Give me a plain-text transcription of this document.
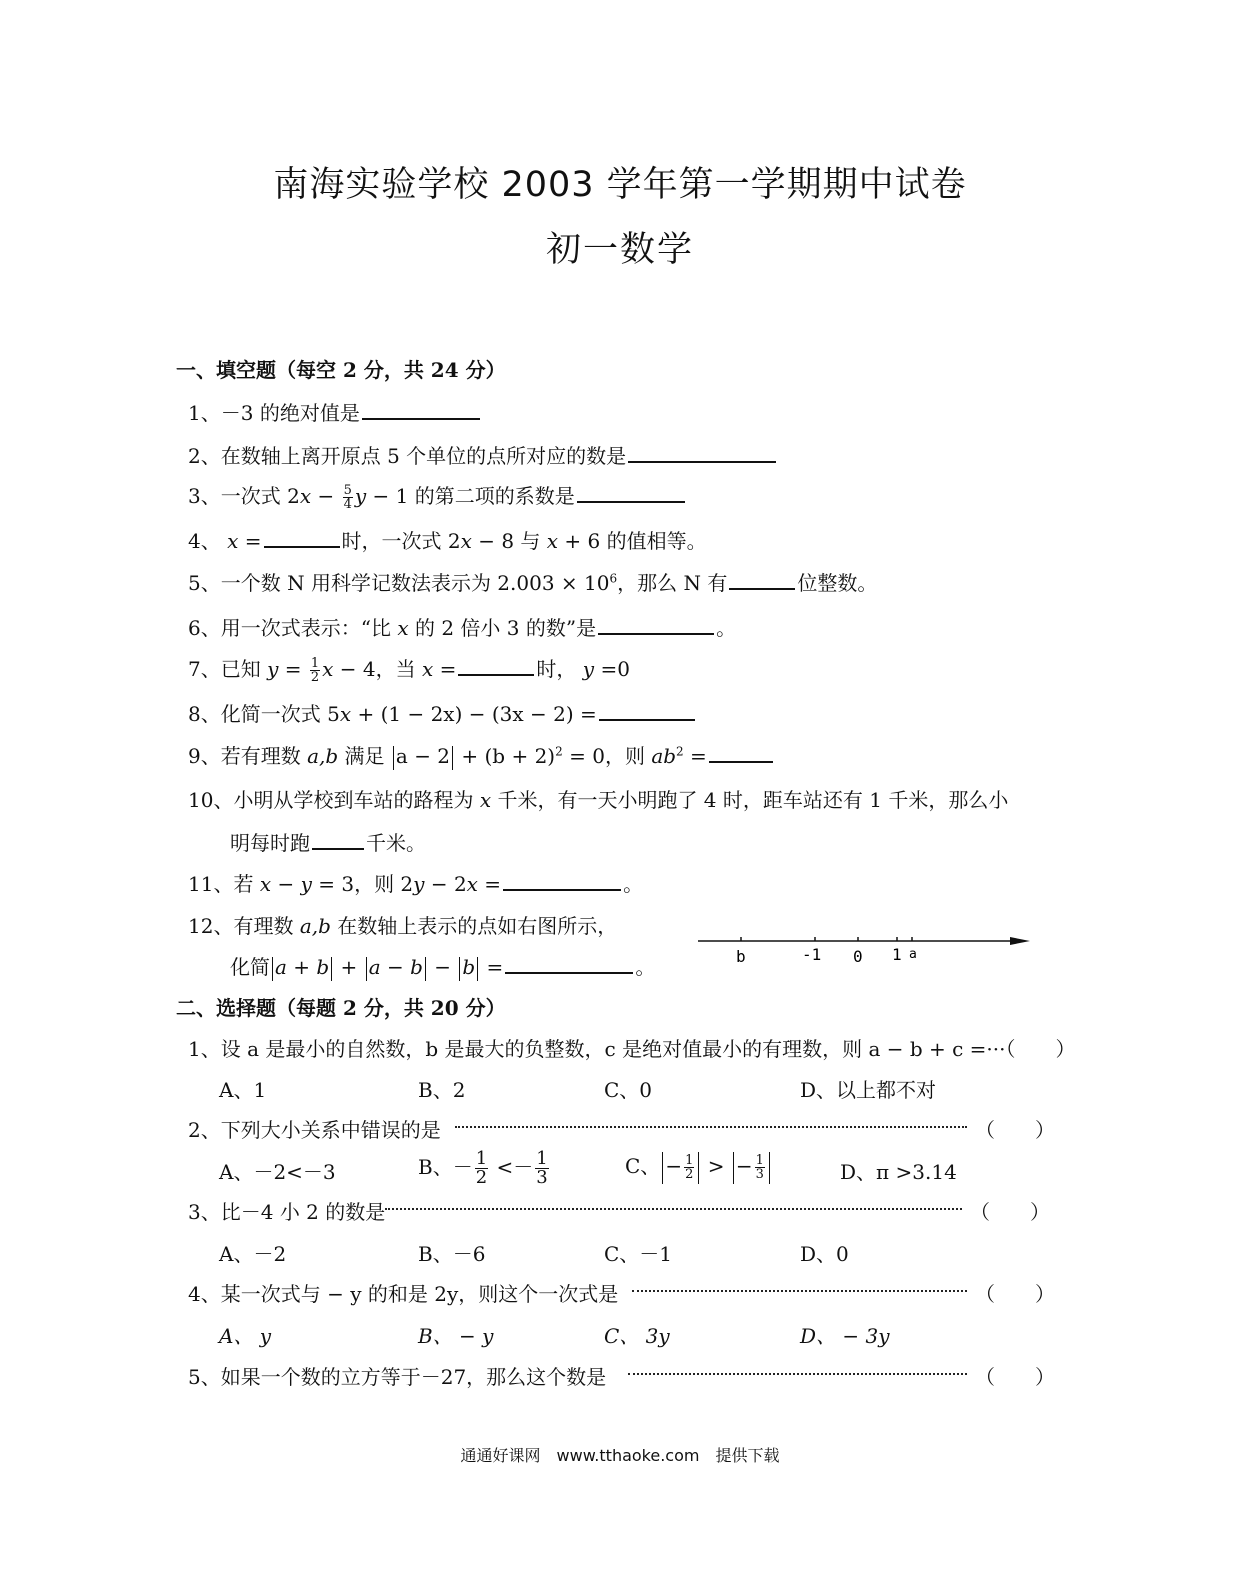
南海实验学校 2003 学年第一学期期中试卷
初一数学
一、填空题（每空 2 分，共 24 分）
1、－3 的绝对值是
2、在数轴上离开原点 5 个单位的点所对应的数是
3、一次式 $2x - \frac{5}{4}$ y − 1 的第二项的系数是
4、 x =	时，一次式 2x − 8 与 x + 6 的值相等。
5、一个数 N 用科学记数法表示为 $2.003 \times 10^6$，那么 N 有	位整数。
6、用一次式表示：“比 x 的 2 倍小 3 的数”是	。
7、已知 $y = \frac{1}{2}$ x − 4，当 x =	时， y =0
8、化简一次式 5x + (1 − 2x) − (3x − 2) =
9、若有理数 a,b 满足 $a - 2 + (b + 2)^2 = 0$，则 $ab^2$ =
10、小明从学校到车站的路程为 x 千米，有一天小明跑了 4 时，距车站还有 1 千米，那么小
明每时跑	千米。
11、若 x − y = 3，则 2y − 2x =	。
12、有理数 a,b 在数轴上表示的点如右图所示，
化简 a + b + a − b − b =	。	b	-1 0 1 a
二、选择题（每题 2 分，共 20 分）
1、设 a 是最小的自然数，b 是最大的负整数，c 是绝对值最小的有理数，则 a − b + c =···（　　）
A、1	B、2	C、0	D、以上都不对
2、下列大小关系中错误的是	（　　）
A、－2<－3	B、－ $\frac{1}{2} <- \frac{1}{3}$	C、 − $\frac{1}{2}$ > − $\frac{1}{3}$	D、π >3.14
3、比－4 小 2 的数是	（　　）
A、－2	B、－6	C、－1	D、0
4、某一次式与 − y 的和是 2y，则这个一次式是	（　　）
A、 y	B、 − y	C、 3y	D、 − 3y
5、如果一个数的立方等于－27，那么这个数是	（　　）
通通好课网　www.tthaoke.com　提供下载
